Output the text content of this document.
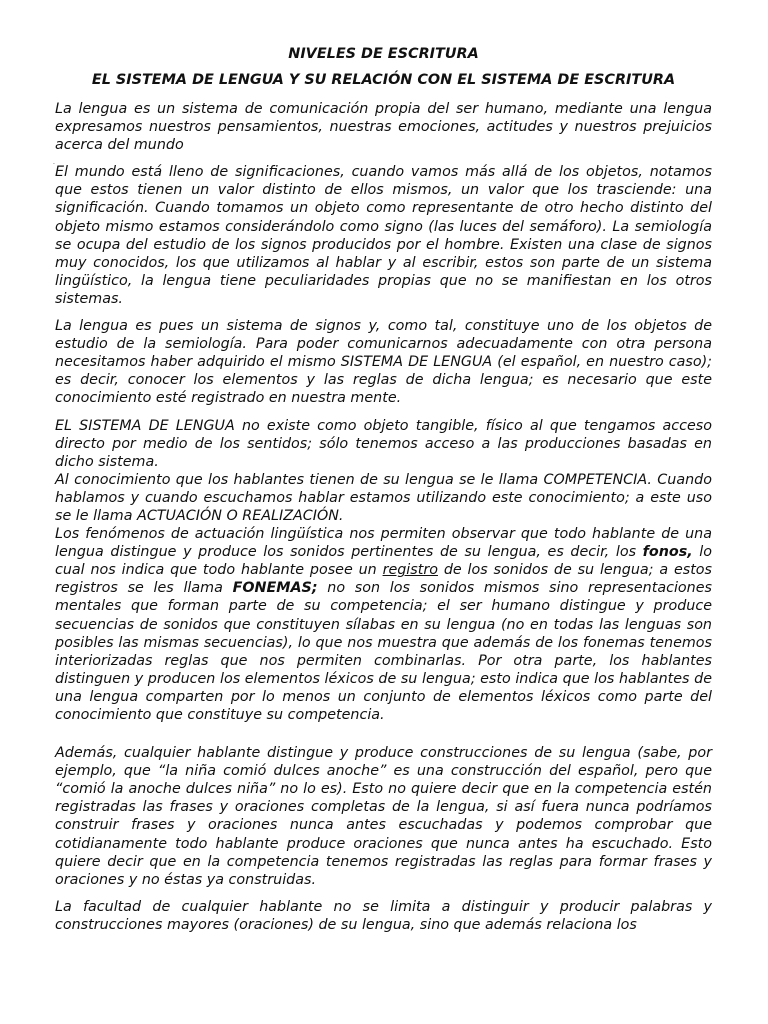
NIVELES DE ESCRITURA
EL SISTEMA DE LENGUA Y SU RELACIÓN CON EL SISTEMA DE ESCRITURA

La lengua es un sistema de comunicación propia del ser humano, mediante una lengua expresamos nuestros pensamientos, nuestras emociones, actitudes y nuestros prejuicios acerca del mundo

.

El mundo está lleno de significaciones, cuando vamos más allá de los objetos, notamos que estos tienen un valor distinto de ellos mismos, un valor que los trasciende: una significación. Cuando tomamos un objeto como representante de otro hecho distinto del objeto mismo estamos considerándolo como signo (las luces del semáforo). La semiología se ocupa del estudio de los signos producidos por el hombre. Existen una clase de signos muy conocidos, los que utilizamos al hablar y al escribir, estos son parte de un sistema lingüístico, la lengua tiene peculiaridades propias que no se manifiestan en los otros sistemas.

La lengua es pues un sistema de signos y, como tal, constituye uno de los objetos de estudio de la semiología. Para poder comunicarnos adecuadamente con otra persona necesitamos haber adquirido el mismo SISTEMA DE LENGUA (el español, en nuestro caso); es decir, conocer los elementos y las reglas de dicha lengua; es necesario que este conocimiento esté registrado en nuestra mente.

EL SISTEMA DE LENGUA no existe como objeto tangible, físico al que tengamos acceso directo por medio de los sentidos; sólo tenemos acceso a las producciones basadas en dicho sistema.

Al conocimiento que los hablantes tienen de su lengua se le llama COMPETENCIA. Cuando hablamos y cuando escuchamos hablar estamos utilizando este conocimiento; a este uso se le llama ACTUACIÓN O REALIZACIÓN.

Los fenómenos de actuación lingüística nos permiten observar que todo hablante de una lengua distingue y produce los sonidos pertinentes de su lengua, es decir, los fonos, lo cual nos indica que todo hablante posee un registro de los sonidos de su lengua; a estos registros se les llama FONEMAS; no son los sonidos mismos sino representaciones mentales que forman parte de su competencia; el ser humano distingue y produce secuencias de sonidos que constituyen sílabas en su lengua (no en todas las lenguas son posibles las mismas secuencias), lo que nos muestra que además de los fonemas tenemos interiorizadas reglas que nos permiten combinarlas. Por otra parte, los hablantes distinguen y producen los elementos léxicos de su lengua; esto indica que los hablantes de una lengua comparten por lo menos un conjunto de elementos léxicos como parte del conocimiento que constituye su competencia.

Además, cualquier hablante distingue y produce construcciones de su lengua (sabe, por ejemplo, que “la niña comió dulces anoche” es una construcción del español, pero que “comió la anoche dulces niña” no lo es). Esto no quiere decir que en la competencia estén registradas las frases y oraciones completas de la lengua, si así fuera nunca podríamos construir frases y oraciones nunca antes escuchadas y podemos comprobar que cotidianamente todo hablante produce oraciones que nunca antes ha escuchado. Esto quiere decir que en la competencia tenemos registradas las reglas para formar frases y oraciones y no éstas ya construidas.

La facultad de cualquier hablante no se limita a distinguir y producir palabras y construcciones mayores (oraciones) de su lengua, sino que además relaciona los
